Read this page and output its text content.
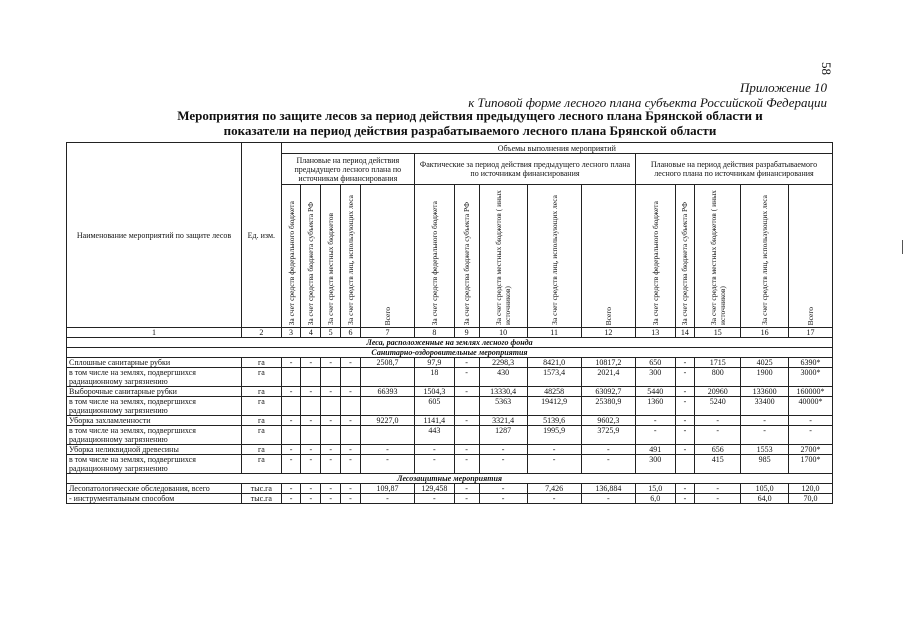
58
Приложение 10
к Типовой форме лесного плана субъекта Российской Федерации
Мероприятия по защите лесов за период действия предыдущего лесного плана Брянской области и
показатели на период действия разрабатываемого лесного плана Брянской области
Наименование мероприятий по защите лесов	Ед. изм.	Объемы выполнения мероприятий														
		Плановые на период действия предыдущего лесного плана по источникам финансирования					Фактические за период действия предыдущего лесного плана по источникам финансирования					Плановые на период действия разрабатываемого лесного плана по источникам финансирования				

		За счет средств федерального бюджета	За счет средства бюджета субъекта РФ	За счет средств местных бюджетов	За счет средств лиц, использующих леса	Всего	За счет средств федерального бюджета	За счет средства бюджета субъекта РФ	За счет средств местных бюджетов ( иных источников)	За счет средств лиц, использующих леса	Всего	За счет средств федерального бюджета	За счет средства бюджета субъекта РФ	За счет средств местных бюджетов ( иных источников)	За счет средств лиц, использующих леса	Всего

1	2	3	4	5	6	7	8	9	10	11	12	13	14	15	16	17
Леса, расположенные на землях лесного фонда																
Санитарно-оздоровительные мероприятия																
Сплошные санитарные рубки	га	-	-	-	-	2508,7	97,9	-	2298,3	8421,0	10817,2	650	-	1715	4025	6390*
в том числе на землях, подвергшихся радиационному загрязнению	га						18	-	430	1573,4	2021,4	300	-	800	1900	3000*
Выборочные санитарные рубки	га	-	-	-	-	66393	1504,3	-	13330,4	48258	63092,7	5440	-	20960	133600	160000*
в том числе на землях, подвергшихся радиационному загрязнению	га						605		5363	19412,9	25380,9	1360	-	5240	33400	40000*
Уборка захламленности	га	-	-	-	-	9227,0	1141,4	-	3321,4	5139,6	9602,3	-	-	-	-	-
в том числе на землях, подвергшихся радиационному загрязнению	га						443		1287	1995,9	3725,9	-	-	-	-	-
Уборка неликвидной древесины	га	-	-	-	-	-	-	-	-	-	-	491	-	656	1553	2700*
в том числе на землях, подвергшихся радиационному загрязнению	га	-	-	-	-	-	-	-	-	-	-	300		415	985	1700*
Лесозащитные мероприятия																
Лесопатологические обследования, всего	тыс.га	-	-	-	-	109,87	129,458	-	-	7,426	136,884	15,0	-	-	105,0	120,0
- инструментальным способом	тыс.га	-	-	-	-	-	-	-	-	-	-	6,0	-	-	64,0	70,0
